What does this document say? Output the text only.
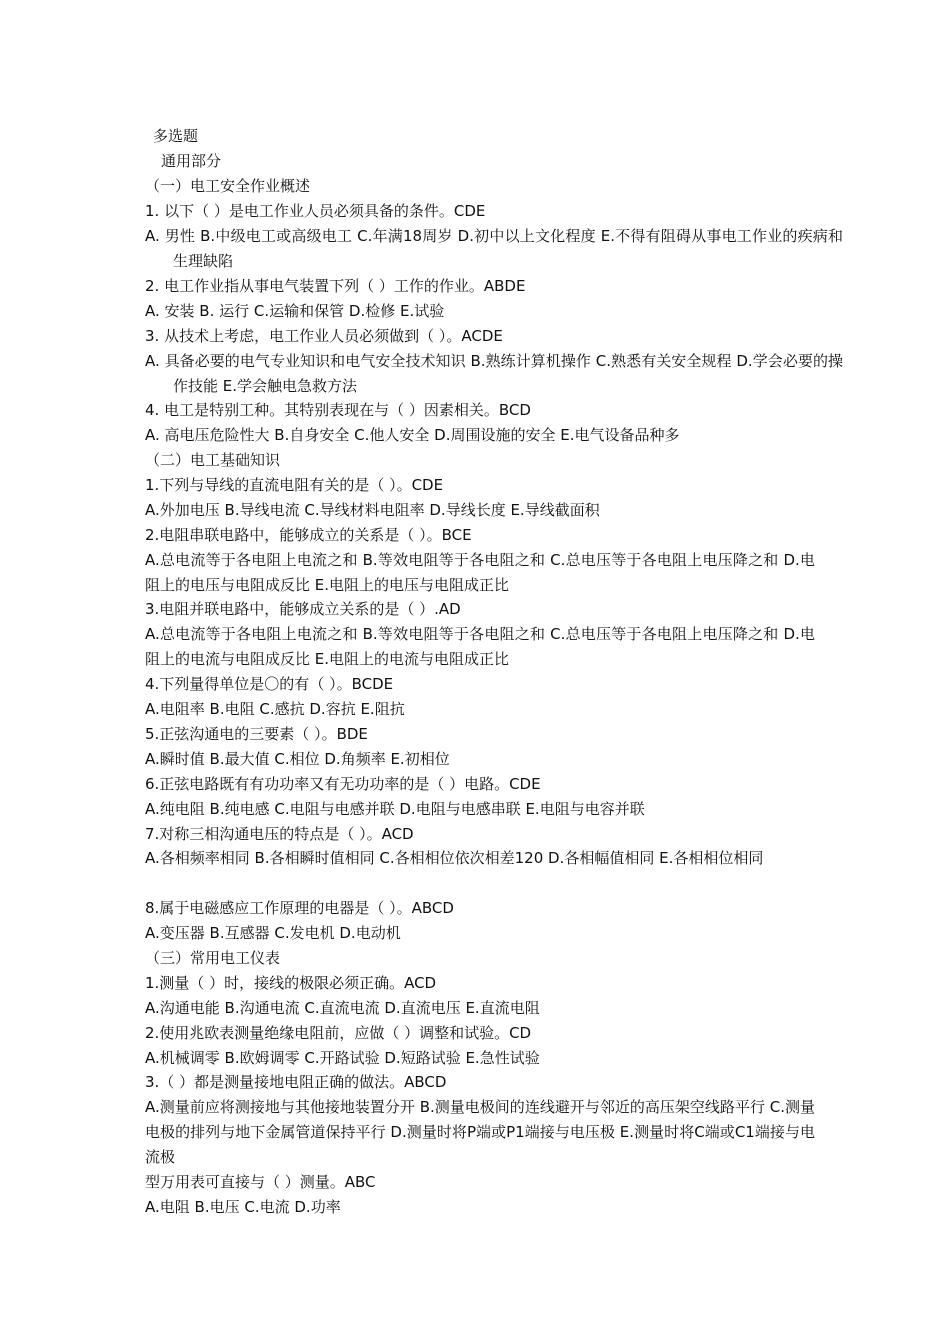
多选题
通用部分
（一）电工安全作业概述
1. 以下（ ）是电工作业人员必须具备的条件。CDE
A. 男性 B.中级电工或高级电工 C.年满18周岁 D.初中以上文化程度 E.不得有阻碍从事电工作业的疾病和生理缺陷
2. 电工作业指从事电气装置下列（ ）工作的作业。ABDE
A. 安装 B. 运行 C.运输和保管 D.检修 E.试验
3. 从技术上考虑，电工作业人员必须做到（ ）。ACDE
A. 具备必要的电气专业知识和电气安全技术知识 B.熟练计算机操作 C.熟悉有关安全规程 D.学会必要的操作技能 E.学会触电急救方法
4. 电工是特别工种。其特别表现在与（ ）因素相关。BCD
A. 高电压危险性大 B.自身安全 C.他人安全 D.周围设施的安全 E.电气设备品种多
（二）电工基础知识
1.下列与导线的直流电阻有关的是（ ）。CDE
A.外加电压 B.导线电流 C.导线材料电阻率 D.导线长度 E.导线截面积
2.电阻串联电路中，能够成立的关系是（ ）。BCE
A.总电流等于各电阻上电流之和 B.等效电阻等于各电阻之和 C.总电压等于各电阻上电压降之和 D.电阻上的电压与电阻成反比 E.电阻上的电压与电阻成正比
3.电阻并联电路中，能够成立关系的是（ ）.AD
A.总电流等于各电阻上电流之和 B.等效电阻等于各电阻之和 C.总电压等于各电阻上电压降之和 D.电阻上的电流与电阻成反比 E.电阻上的电流与电阻成正比
4.下列量得单位是〇的有（ ）。BCDE
A.电阻率 B.电阻 C.感抗 D.容抗 E.阻抗
5.正弦沟通电的三要素（ ）。BDE
A.瞬时值 B.最大值 C.相位 D.角频率 E.初相位
6.正弦电路既有有功功率又有无功功率的是（ ）电路。CDE
A.纯电阻 B.纯电感 C.电阻与电感并联 D.电阻与电感串联 E.电阻与电容并联
7.对称三相沟通电压的特点是（ ）。ACD
A.各相频率相同 B.各相瞬时值相同 C.各相相位依次相差120 D.各相幅值相同 E.各相相位相同
8.属于电磁感应工作原理的电器是（ ）。ABCD
A.变压器 B.互感器 C.发电机 D.电动机
（三）常用电工仪表
1.测量（ ）时，接线的极限必须正确。ACD
A.沟通电能 B.沟通电流 C.直流电流 D.直流电压 E.直流电阻
2.使用兆欧表测量绝缘电阻前，应做（ ）调整和试验。CD
A.机械调零 B.欧姆调零 C.开路试验 D.短路试验 E.急性试验
3.（ ）都是测量接地电阻正确的做法。ABCD
A.测量前应将测接地与其他接地装置分开 B.测量电极间的连线避开与邻近的高压架空线路平行 C.测量电极的排列与地下金属管道保持平行 D.测量时将P端或P1端接与电压极 E.测量时将C端或C1端接与电流极
型万用表可直接与（ ）测量。ABC
A.电阻 B.电压 C.电流 D.功率
